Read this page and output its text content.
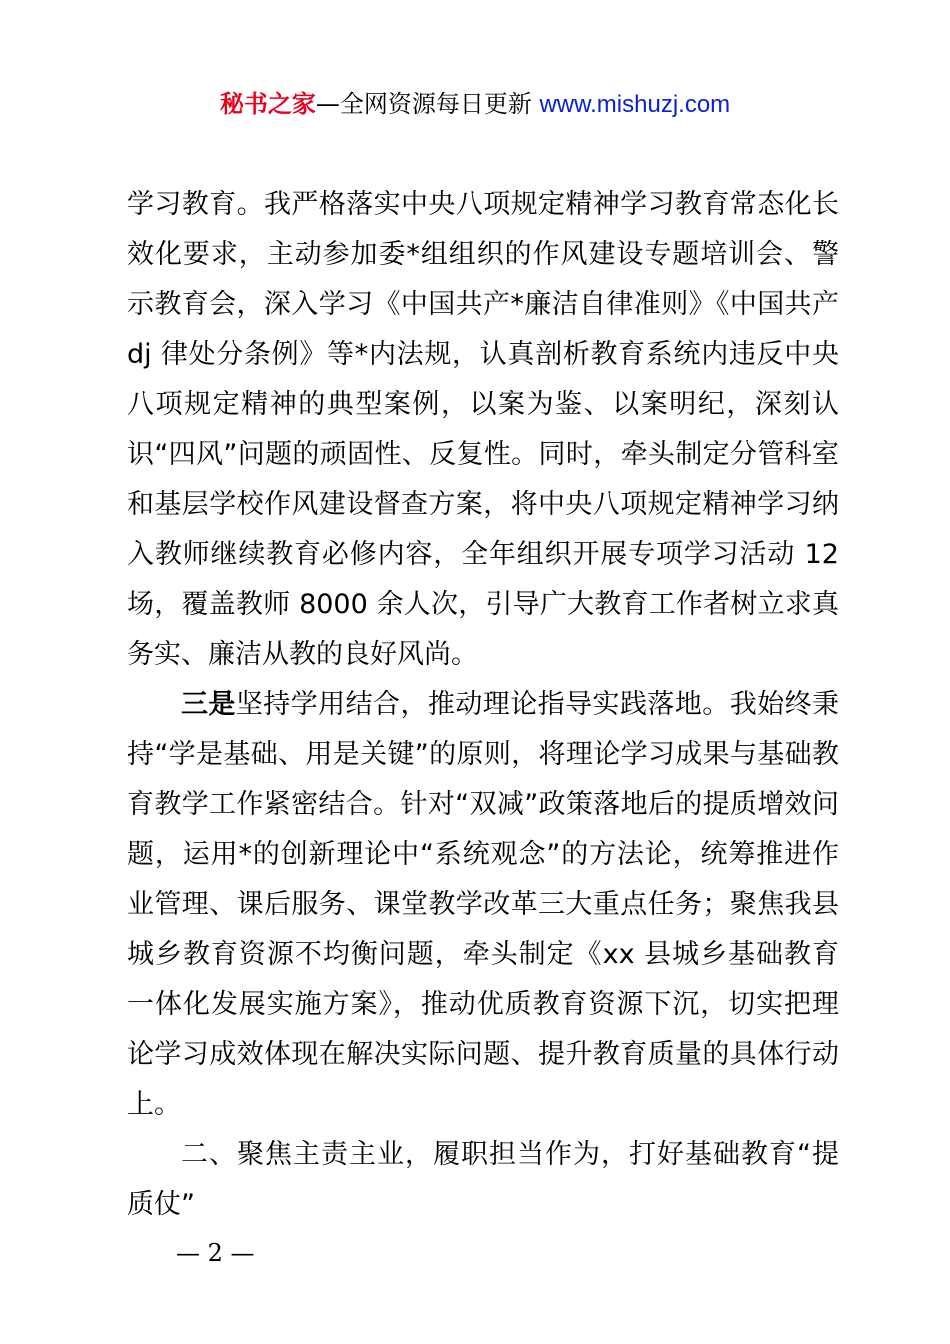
秘书之家—全网资源每日更新 www.mishuzj.com

学习教育。我严格落实中央八项规定精神学习教育常态化长效化要求，主动参加委*组组织的作风建设专题培训会、警示教育会，深入学习《中国共产*廉洁自律准则》《中国共产 dj 律处分条例》等*内法规，认真剖析教育系统内违反中央八项规定精神的典型案例，以案为鉴、以案明纪，深刻认识“四风”问题的顽固性、反复性。同时，牵头制定分管科室和基层学校作风建设督查方案，将中央八项规定精神学习纳入教师继续教育必修内容，全年组织开展专项学习活动 12 场，覆盖教师 8000 余人次，引导广大教育工作者树立求真务实、廉洁从教的良好风尚。

三是坚持学用结合，推动理论指导实践落地。我始终秉持“学是基础、用是关键”的原则，将理论学习成果与基础教育教学工作紧密结合。针对“双减”政策落地后的提质增效问题，运用*的创新理论中“系统观念”的方法论，统筹推进作业管理、课后服务、课堂教学改革三大重点任务；聚焦我县城乡教育资源不均衡问题，牵头制定《xx 县城乡基础教育一体化发展实施方案》，推动优质教育资源下沉，切实把理论学习成效体现在解决实际问题、提升教育质量的具体行动上。

二、聚焦主责主业，履职担当作为，打好基础教育“提质仗”

— 2 —
